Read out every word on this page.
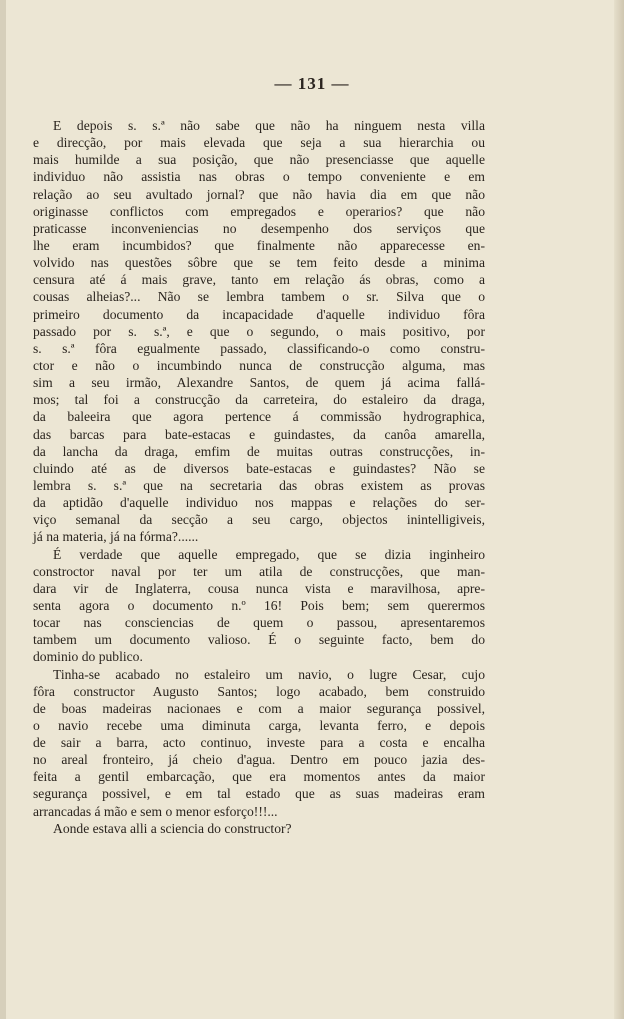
— 131 —
E depois s. s.ª não sabe que não ha ninguem nesta villa
e direcção, por mais elevada que seja a sua hierarchia ou
mais humilde a sua posição, que não presenciasse que aquelle
individuo não assistia nas obras o tempo conveniente e em
relação ao seu avultado jornal? que não havia dia em que não
originasse conflictos com empregados e operarios? que não
praticasse inconveniencias no desempenho dos serviços que
lhe eram incumbidos? que finalmente não apparecesse en-
volvido nas questões sôbre que se tem feito desde a minima
censura até á mais grave, tanto em relação ás obras, como a
cousas alheias?... Não se lembra tambem o sr. Silva que o
primeiro documento da incapacidade d'aquelle individuo fôra
passado por s. s.ª, e que o segundo, o mais positivo, por
s. s.ª fôra egualmente passado, classificando-o como constru-
ctor e não o incumbindo nunca de construcção alguma, mas
sim a seu irmão, Alexandre Santos, de quem já acima fallá-
mos; tal foi a construcção da carreteira, do estaleiro da draga,
da baleeira que agora pertence á commissão hydrographica,
das barcas para bate-estacas e guindastes, da canôa amarella,
da lancha da draga, emfim de muitas outras construcções, in-
cluindo até as de diversos bate-estacas e guindastes? Não se
lembra s. s.ª que na secretaria das obras existem as provas
da aptidão d'aquelle individuo nos mappas e relações do ser-
viço semanal da secção a seu cargo, objectos inintelligiveis,
já na materia, já na fórma?......
É verdade que aquelle empregado, que se dizia inginheiro
constroctor naval por ter um atila de construcções, que man-
dara vir de Inglaterra, cousa nunca vista e maravilhosa, apre-
senta agora o documento n.º 16! Pois bem; sem querermos
tocar nas consciencias de quem o passou, apresentaremos
tambem um documento valioso. É o seguinte facto, bem do
dominio do publico.
Tinha-se acabado no estaleiro um navio, o lugre Cesar, cujo
fôra constructor Augusto Santos; logo acabado, bem construido
de boas madeiras nacionaes e com a maior segurança possivel,
o navio recebe uma diminuta carga, levanta ferro, e depois
de sair a barra, acto continuo, investe para a costa e encalha
no areal fronteiro, já cheio d'agua. Dentro em pouco jazia des-
feita a gentil embarcação, que era momentos antes da maior
segurança possivel, e em tal estado que as suas madeiras eram
arrancadas á mão e sem o menor esforço!!!...
Aonde estava alli a sciencia do constructor?
